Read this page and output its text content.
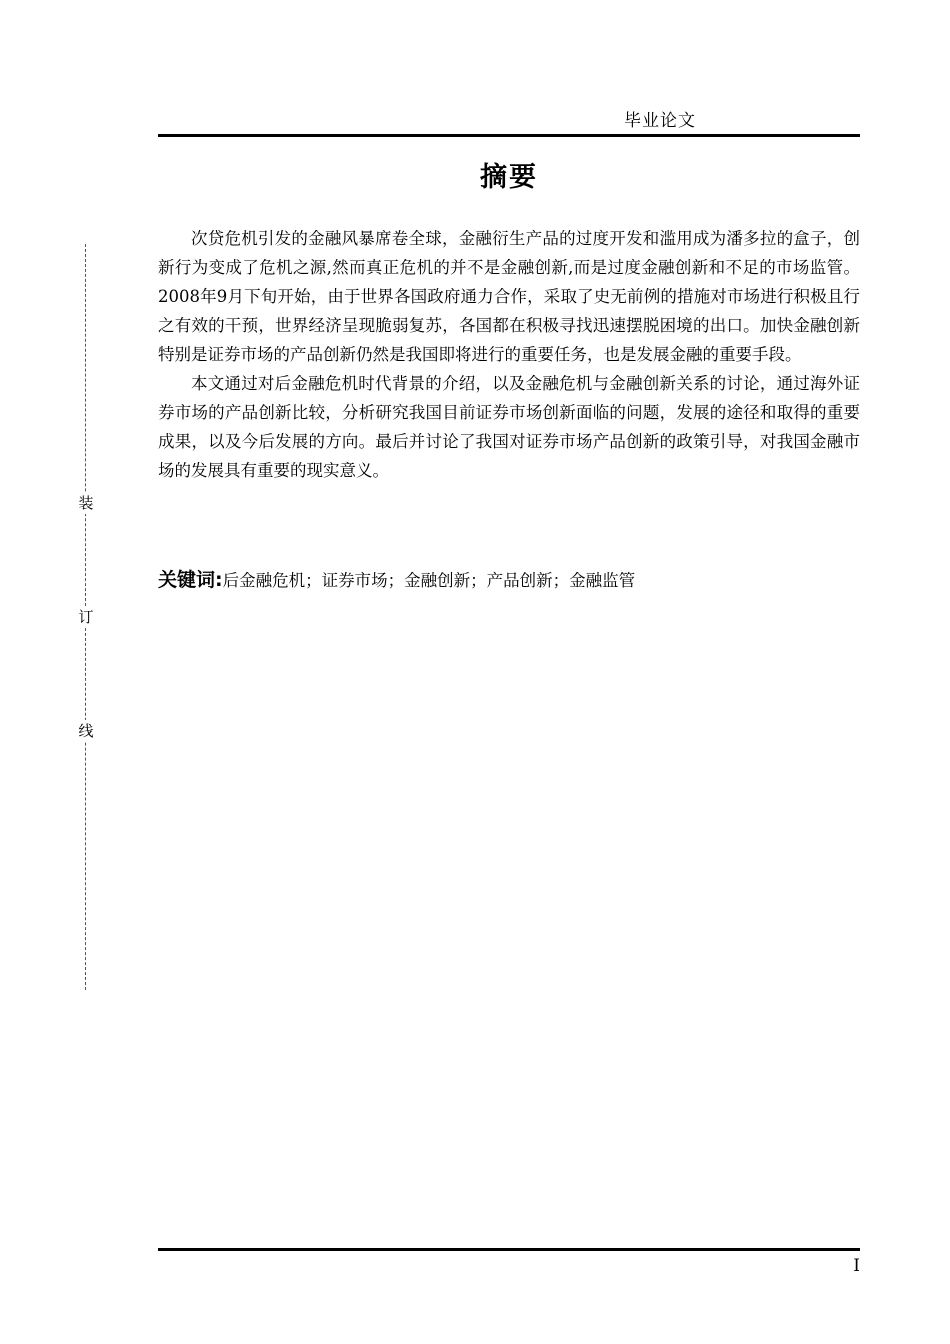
毕业论文
摘要

次贷危机引发的金融风暴席卷全球，金融衍生产品的过度开发和滥用成为潘多拉的盒子，创新行为变成了危机之源,然而真正危机的并不是金融创新,而是过度金融创新和不足的市场监管。2008年9月下旬开始，由于世界各国政府通力合作，采取了史无前例的措施对市场进行积极且行之有效的干预，世界经济呈现脆弱复苏，各国都在积极寻找迅速摆脱困境的出口。加快金融创新特别是证券市场的产品创新仍然是我国即将进行的重要任务，也是发展金融的重要手段。

本文通过对后金融危机时代背景的介绍，以及金融危机与金融创新关系的讨论，通过海外证券市场的产品创新比较，分析研究我国目前证券市场创新面临的问题，发展的途径和取得的重要成果，以及今后发展的方向。最后并讨论了我国对证券市场产品创新的政策引导，对我国金融市场的发展具有重要的现实意义。

关键词:后金融危机；证券市场；金融创新；产品创新；金融监管
装
订
线
I
